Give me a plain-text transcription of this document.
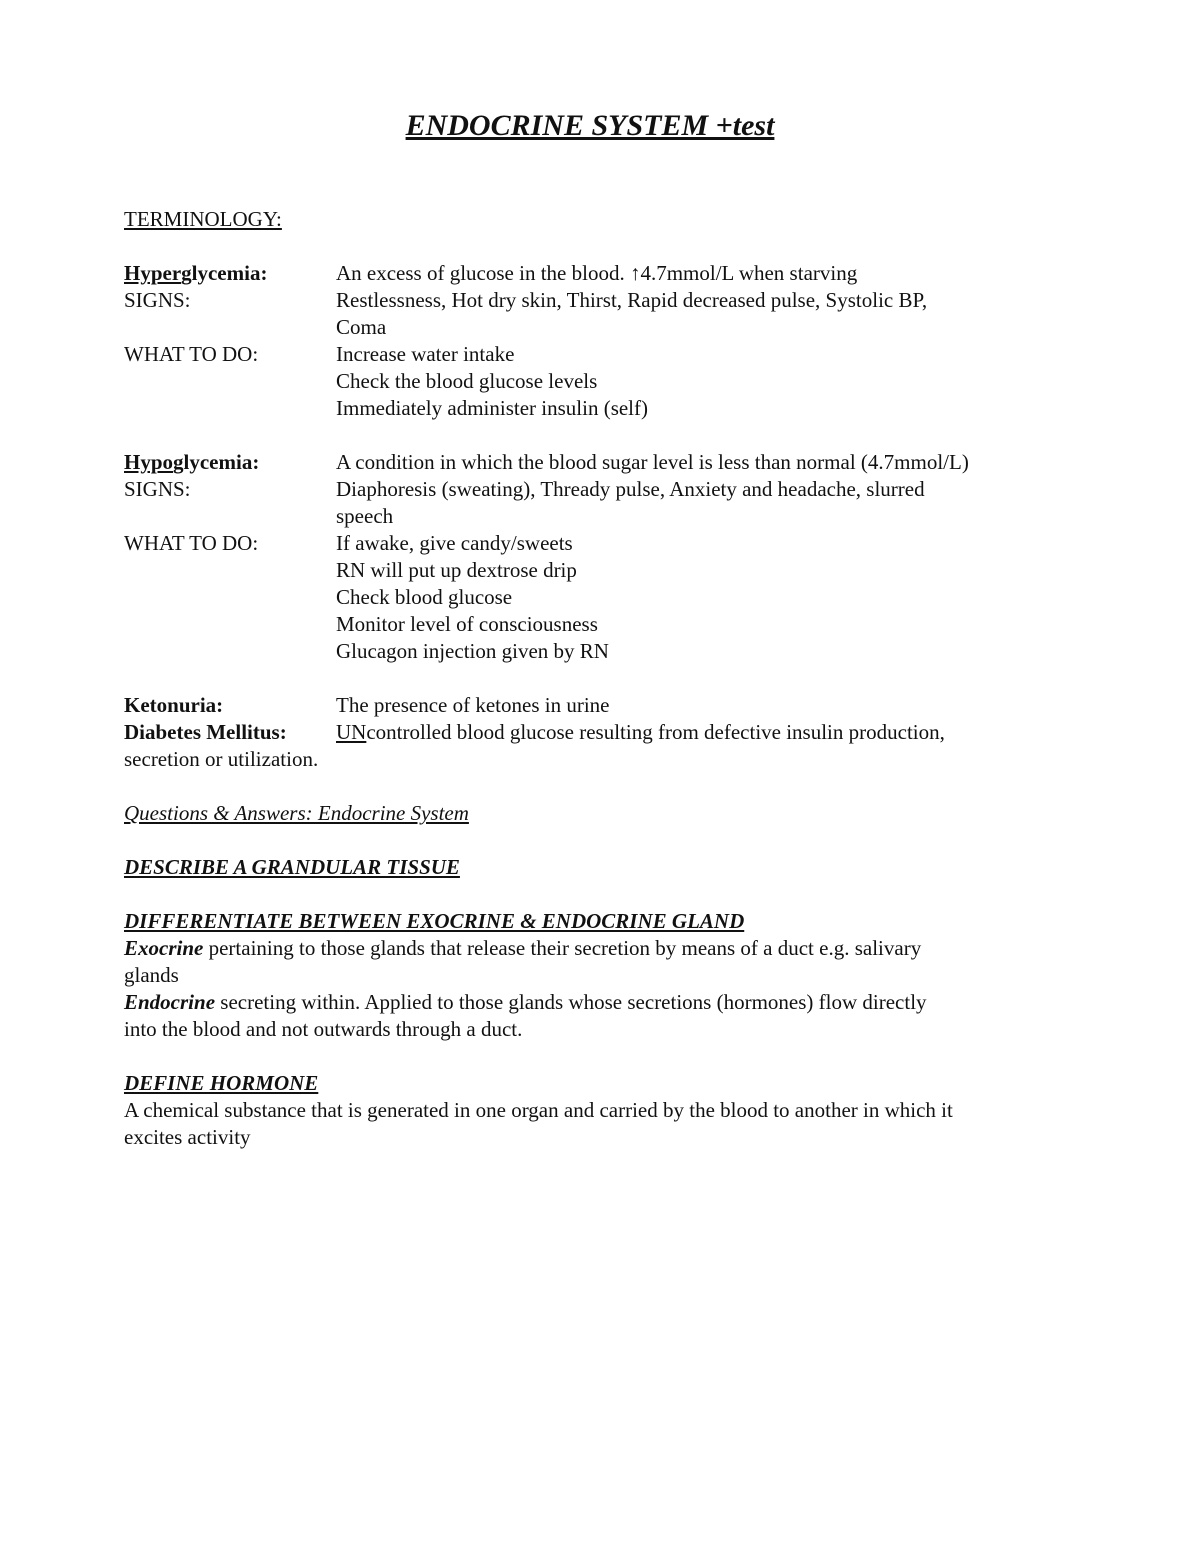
ENDOCRINE SYSTEM +test
TERMINOLOGY:
Hyperglycemia:	An excess of glucose in the blood. ↑4.7mmol/L when starving
SIGNS:	Restlessness, Hot dry skin, Thirst, Rapid decreased pulse, Systolic BP,
Coma
WHAT TO DO:	Increase water intake
Check the blood glucose levels
Immediately administer insulin (self)
Hypoglycemia:	A condition in which the blood sugar level is less than normal (4.7mmol/L)
SIGNS:	Diaphoresis (sweating), Thready pulse, Anxiety and headache, slurred
speech
WHAT TO DO:	If awake, give candy/sweets
RN will put up dextrose drip
Check blood glucose
Monitor level of consciousness
Glucagon injection given by RN
Ketonuria:	The presence of ketones in urine
Diabetes Mellitus:	UNcontrolled blood glucose resulting from defective insulin production,
secretion or utilization.
Questions & Answers: Endocrine System
DESCRIBE A GRANDULAR TISSUE
DIFFERENTIATE BETWEEN EXOCRINE & ENDOCRINE GLAND
Exocrine pertaining to those glands that release their secretion by means of a duct e.g. salivary
glands
Endocrine secreting within. Applied to those glands whose secretions (hormones) flow directly
into the blood and not outwards through a duct.
DEFINE HORMONE
A chemical substance that is generated in one organ and carried by the blood to another in which it
excites activity
